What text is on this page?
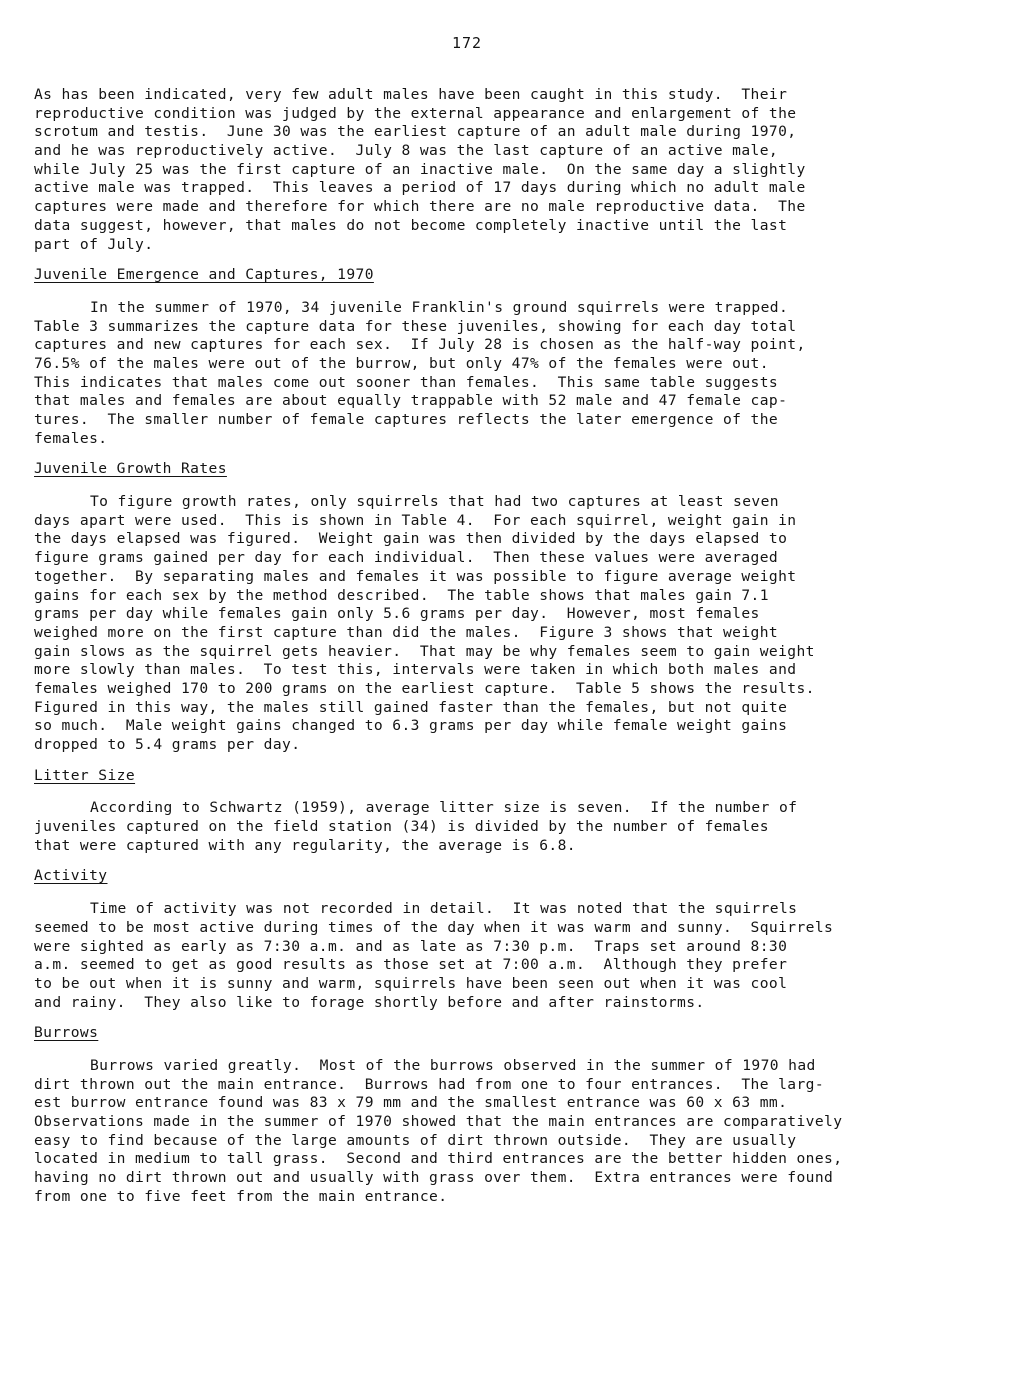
172
As has been indicated, very few adult males have been caught in this study.  Their
reproductive condition was judged by the external appearance and enlargement of the
scrotum and testis.  June 30 was the earliest capture of an adult male during 1970,
and he was reproductively active.  July 8 was the last capture of an active male,
while July 25 was the first capture of an inactive male.  On the same day a slightly
active male was trapped.  This leaves a period of 17 days during which no adult male
captures were made and therefore for which there are no male reproductive data.  The
data suggest, however, that males do not become completely inactive until the last
part of July.
Juvenile Emergence and Captures, 1970
In the summer of 1970, 34 juvenile Franklin's ground squirrels were trapped.
Table 3 summarizes the capture data for these juveniles, showing for each day total
captures and new captures for each sex.  If July 28 is chosen as the half-way point,
76.5% of the males were out of the burrow, but only 47% of the females were out.
This indicates that males come out sooner than females.  This same table suggests
that males and females are about equally trappable with 52 male and 47 female cap-
tures.  The smaller number of female captures reflects the later emergence of the
females.
Juvenile Growth Rates
To figure growth rates, only squirrels that had two captures at least seven
days apart were used.  This is shown in Table 4.  For each squirrel, weight gain in
the days elapsed was figured.  Weight gain was then divided by the days elapsed to
figure grams gained per day for each individual.  Then these values were averaged
together.  By separating males and females it was possible to figure average weight
gains for each sex by the method described.  The table shows that males gain 7.1
grams per day while females gain only 5.6 grams per day.  However, most females
weighed more on the first capture than did the males.  Figure 3 shows that weight
gain slows as the squirrel gets heavier.  That may be why females seem to gain weight
more slowly than males.  To test this, intervals were taken in which both males and
females weighed 170 to 200 grams on the earliest capture.  Table 5 shows the results.
Figured in this way, the males still gained faster than the females, but not quite
so much.  Male weight gains changed to 6.3 grams per day while female weight gains
dropped to 5.4 grams per day.
Litter Size
According to Schwartz (1959), average litter size is seven.  If the number of
juveniles captured on the field station (34) is divided by the number of females
that were captured with any regularity, the average is 6.8.
Activity
Time of activity was not recorded in detail.  It was noted that the squirrels
seemed to be most active during times of the day when it was warm and sunny.  Squirrels
were sighted as early as 7:30 a.m. and as late as 7:30 p.m.  Traps set around 8:30
a.m. seemed to get as good results as those set at 7:00 a.m.  Although they prefer
to be out when it is sunny and warm, squirrels have been seen out when it was cool
and rainy.  They also like to forage shortly before and after rainstorms.
Burrows
Burrows varied greatly.  Most of the burrows observed in the summer of 1970 had
dirt thrown out the main entrance.  Burrows had from one to four entrances.  The larg-
est burrow entrance found was 83 x 79 mm and the smallest entrance was 60 x 63 mm.
Observations made in the summer of 1970 showed that the main entrances are comparatively
easy to find because of the large amounts of dirt thrown outside.  They are usually
located in medium to tall grass.  Second and third entrances are the better hidden ones,
having no dirt thrown out and usually with grass over them.  Extra entrances were found
from one to five feet from the main entrance.
